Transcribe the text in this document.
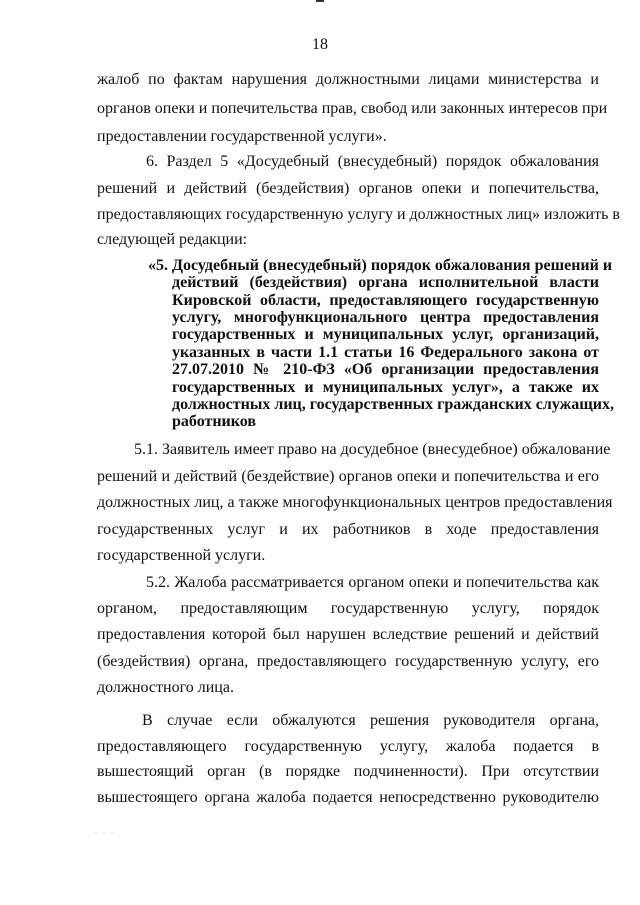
18
жалоб по фактам нарушения должностными лицами министерства и
органов опеки и попечительства прав, свобод или законных интересов при
предоставлении государственной услуги».
6. Раздел 5 «Досудебный (внесудебный) порядок обжалования
решений и действий (бездействия) органов опеки и попечительства,
предоставляющих государственную услугу и должностных лиц» изложить в
следующей редакции:
«5. Досудебный (внесудебный) порядок обжалования решений и
действий (бездействия) органа исполнительной власти
Кировской области, предоставляющего государственную
услугу, многофункционального центра предоставления
государственных и муниципальных услуг, организаций,
указанных в части 1.1 статьи 16 Федерального закона от
27.07.2010 № 210-ФЗ «Об организации предоставления
государственных и муниципальных услуг», а также их
должностных лиц, государственных гражданских служащих,
работников
5.1. Заявитель имеет право на досудебное (внесудебное) обжалование
решений и действий (бездействие) органов опеки и попечительства и его
должностных лиц, а также многофункциональных центров предоставления
государственных услуг и их работников в ходе предоставления
государственной услуги.
5.2. Жалоба рассматривается органом опеки и попечительства как
органом, предоставляющим государственную услугу, порядок
предоставления которой был нарушен вследствие решений и действий
(бездействия) органа, предоставляющего государственную услугу, его
должностного лица.
В случае если обжалуются решения руководителя органа,
предоставляющего государственную услугу, жалоба подается в
вышестоящий орган (в порядке подчиненности). При отсутствии
вышестоящего органа жалоба подается непосредственно руководителю
. . .
